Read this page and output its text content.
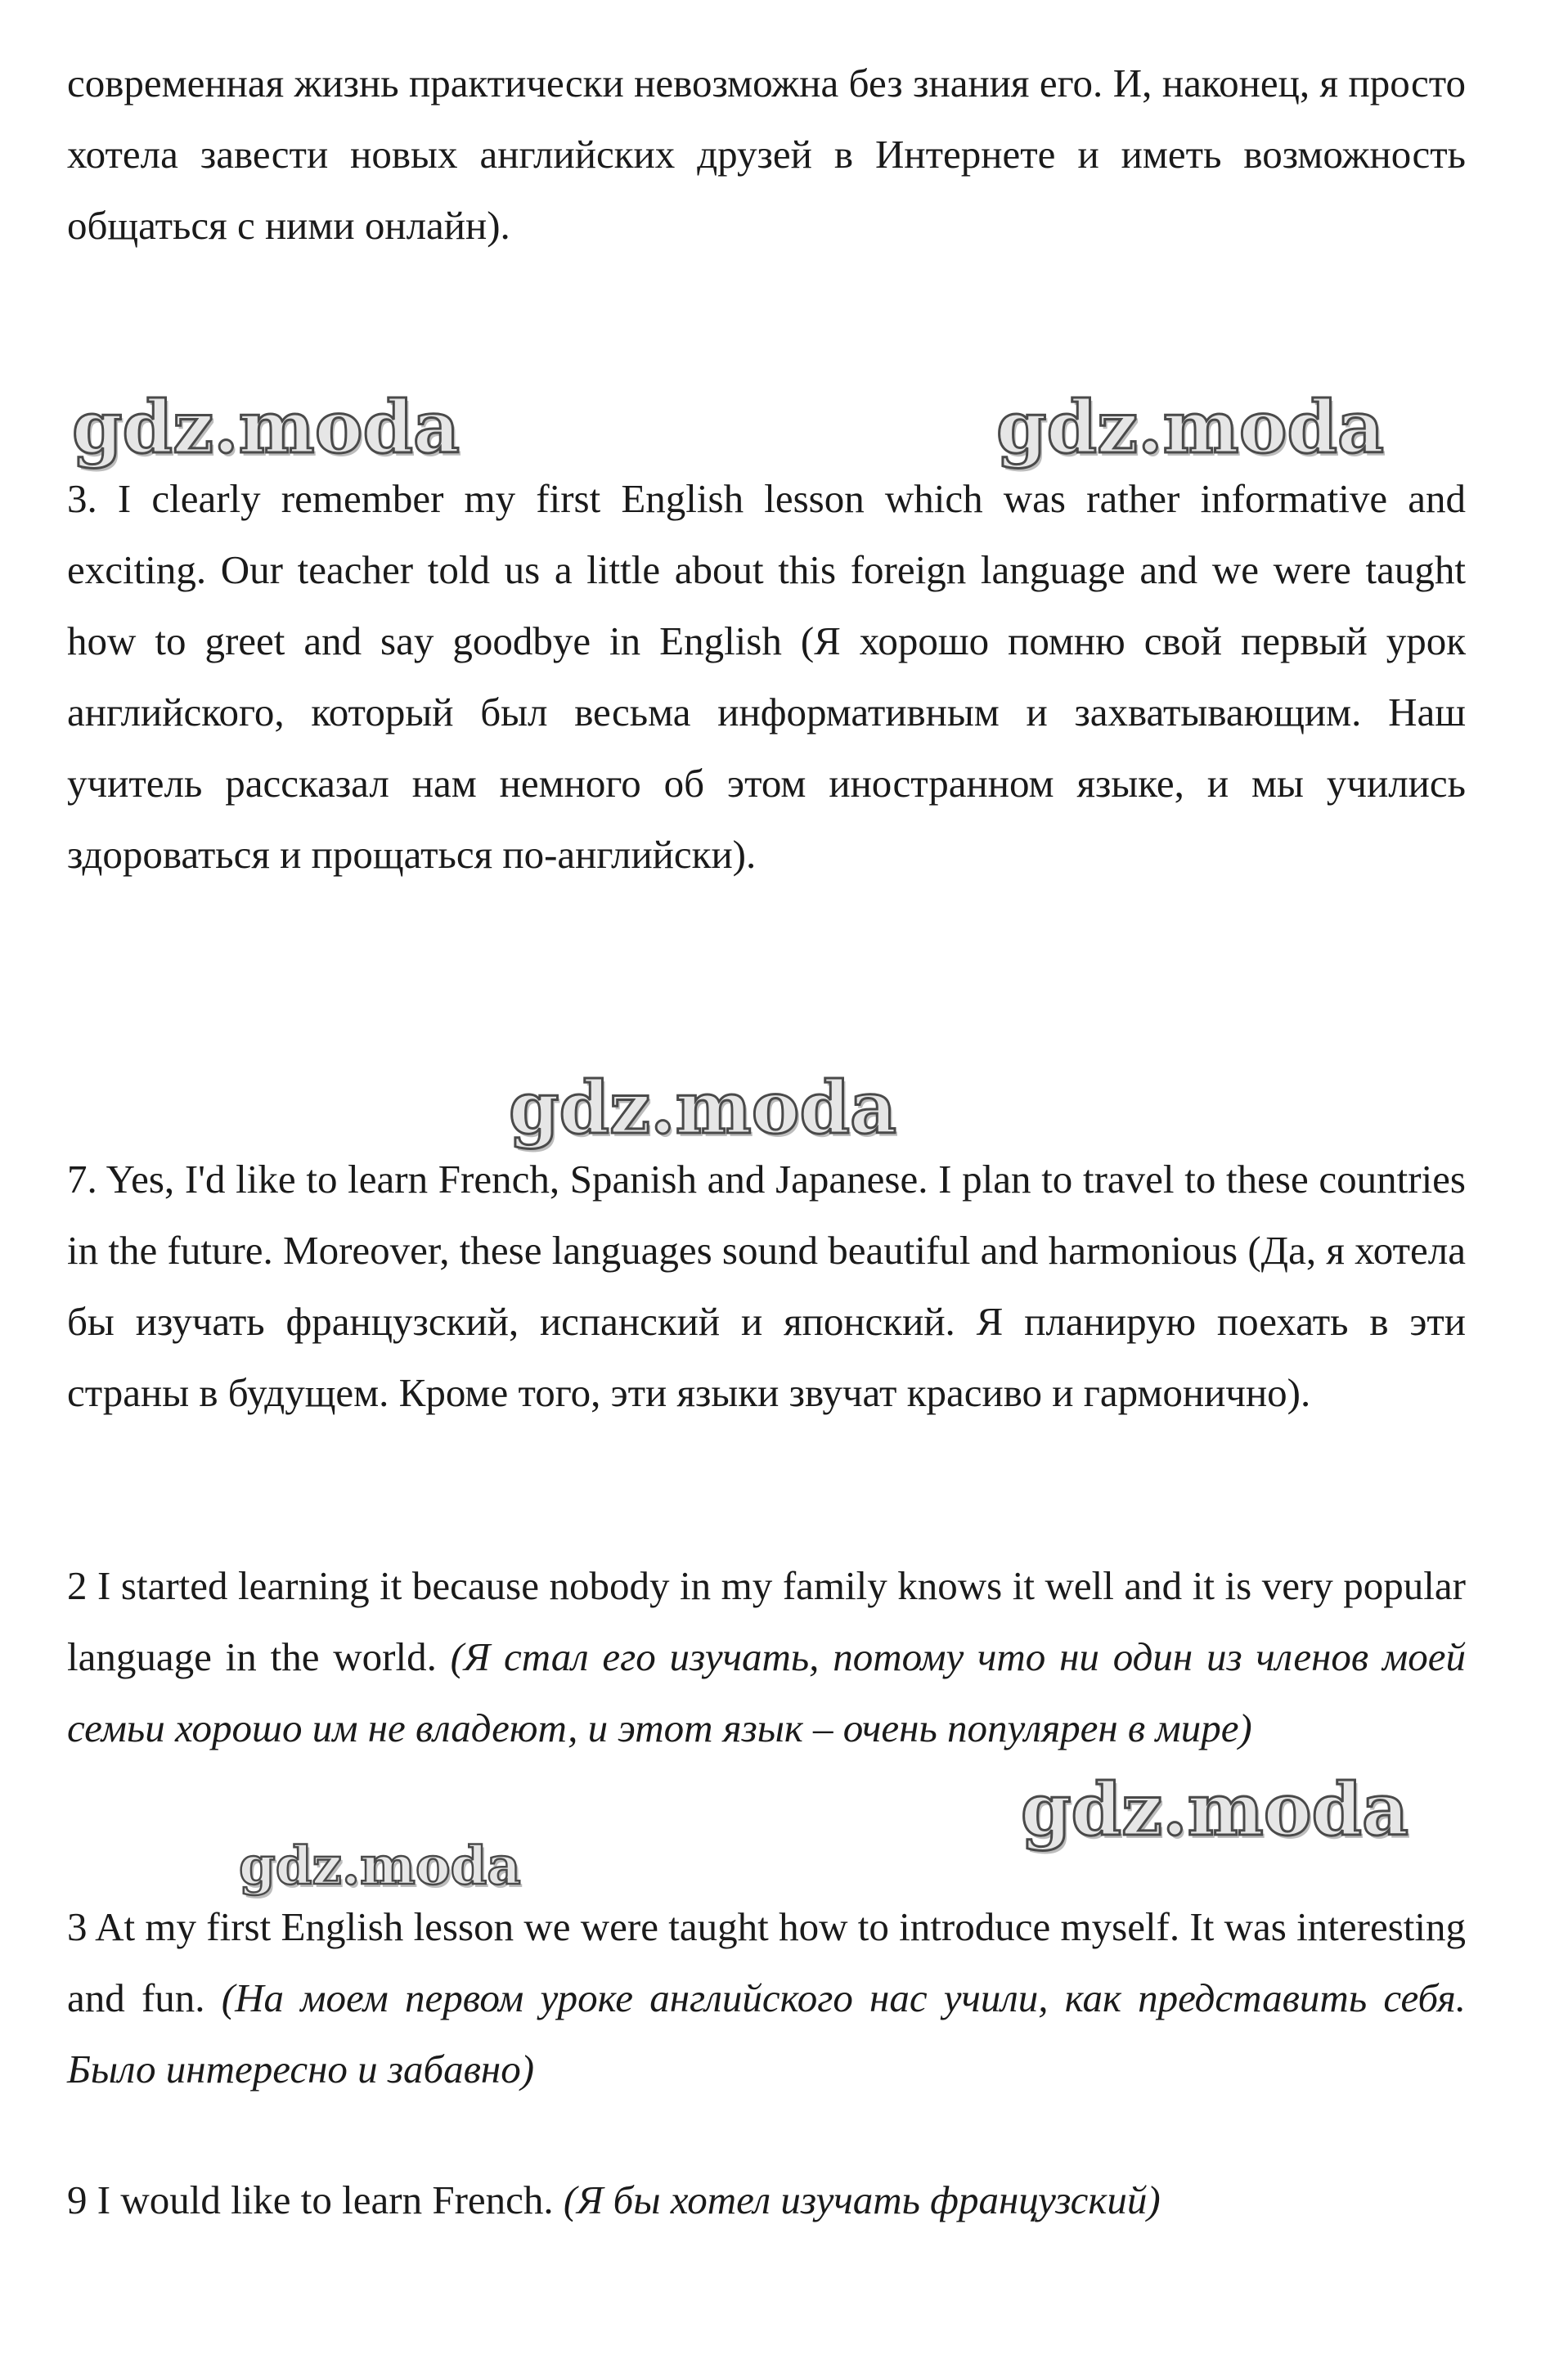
современная жизнь практически невозможна без знания его. И, наконец, я просто хотела завести новых английских друзей в Интернете и иметь возможность общаться с ними онлайн).

gdz.moda	gdz.moda

3. I clearly remember my first English lesson which was rather informative and exciting. Our teacher told us a little about this foreign language and we were taught how to greet and say goodbye in English (Я хорошо помню свой первый урок английского, который был весьма информативным и захватывающим. Наш учитель рассказал нам немного об этом иностранном языке, и мы учились здороваться и прощаться по-английски).

gdz.moda

7. Yes, I'd like to learn French, Spanish and Japanese. I plan to travel to these countries in the future. Moreover, these languages sound beautiful and harmonious (Да, я хотела бы изучать французский, испанский и японский. Я планирую поехать в эти страны в будущем. Кроме того, эти языки звучат красиво и гармонично).

2 I started learning it because nobody in my family knows it well and it is very popular language in the world. (Я стал его изучать, потому что ни один из членов моей семьи хорошо им не владеют, и этот язык – очень популярен в мире)

gdz.moda
gdz.moda

3 At my first English lesson we were taught how to introduce myself. It was interesting and fun. (На моем первом уроке английского нас учили, как представить себя. Было интересно и забавно)

9 I would like to learn French. (Я бы хотел изучать французский)
